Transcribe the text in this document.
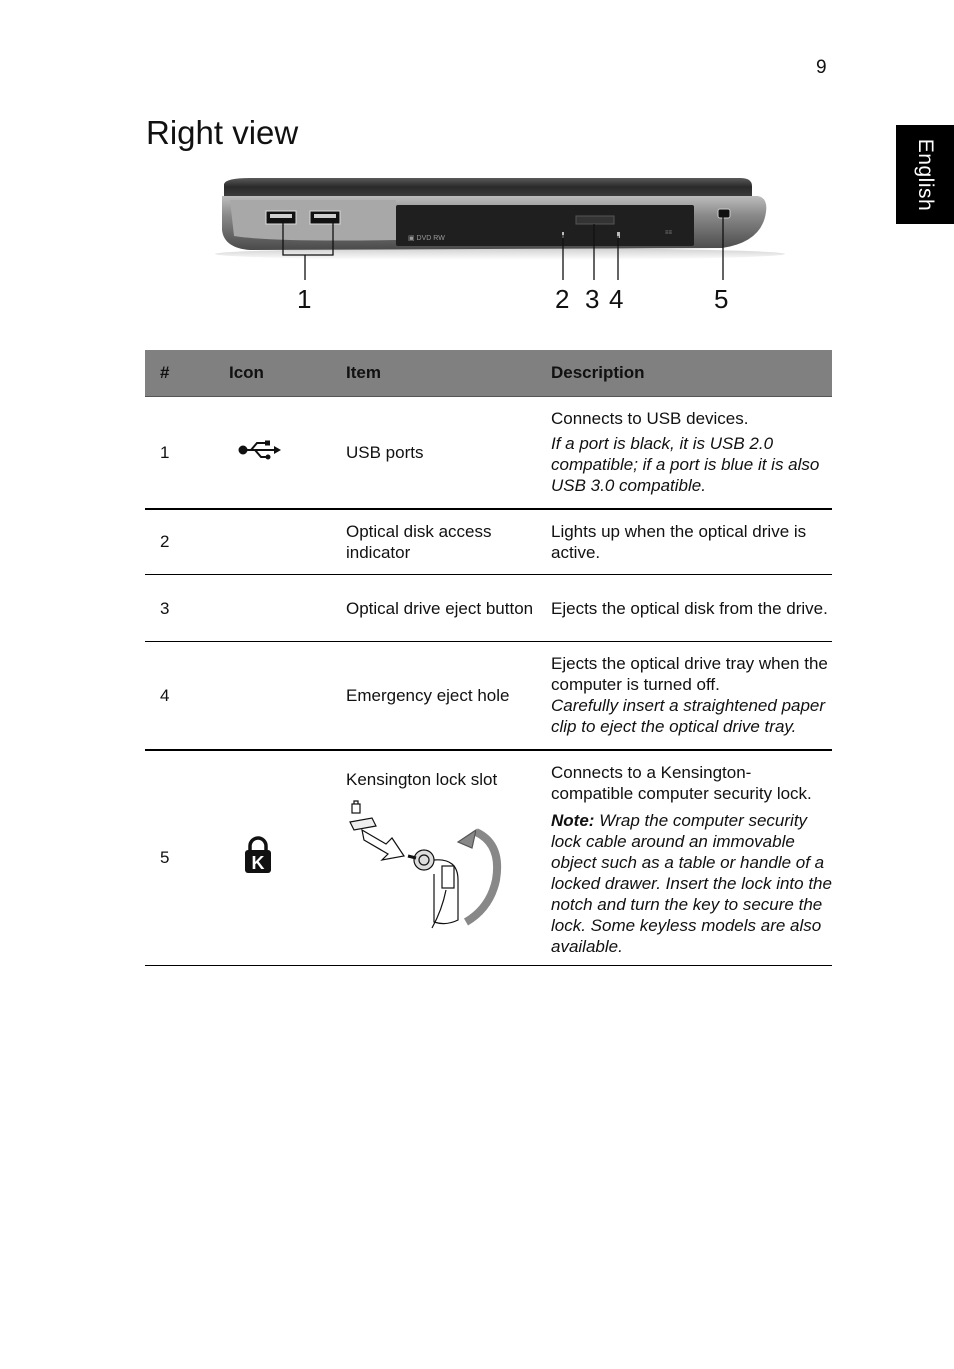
9
English
Right view
▣ DVD RW
≡≡
1	2 3 4	5
#	Icon	Item	Description
1		USB ports	Connects to USB devices.

If a port is black, it is USB 2.0 compatible; if a port is blue it is also USB 3.0 compatible.

2		Optical disk access indicator	Lights up when the optical drive is active.

3		Optical drive eject button	Ejects the optical disk from the drive.

4		Emergency eject hole	Ejects the optical drive tray when the computer is turned off.

Carefully insert a straightened paper clip to eject the optical drive tray.

5	K	Kensington lock slot	Connects to a Kensington-compatible computer security lock.

Note: Wrap the computer security lock cable around an immovable object such as a table or handle of a locked drawer. Insert the lock into the notch and turn the key to secure the lock. Some keyless models are also available.
